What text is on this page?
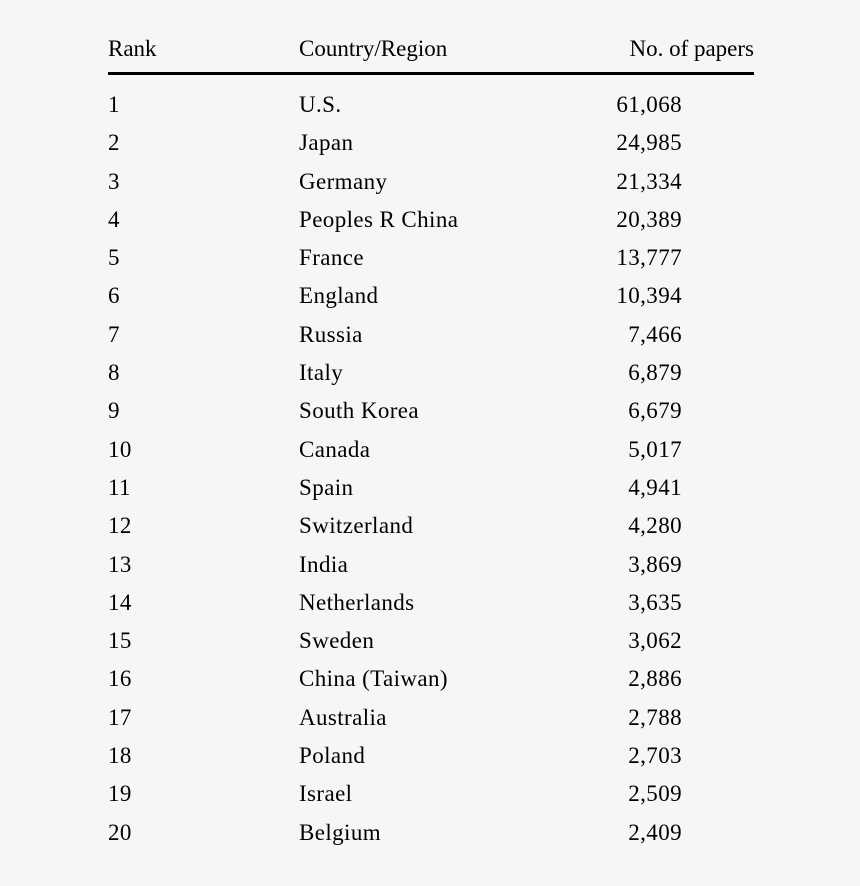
Rank	Country/Region	No. of papers
1	U.S.	61,068
2	Japan	24,985
3	Germany	21,334
4	Peoples R China	20,389
5	France	13,777
6	England	10,394
7	Russia	7,466
8	Italy	6,879
9	South Korea	6,679
10	Canada	5,017
11	Spain	4,941
12	Switzerland	4,280
13	India	3,869
14	Netherlands	3,635
15	Sweden	3,062
16	China (Taiwan)	2,886
17	Australia	2,788
18	Poland	2,703
19	Israel	2,509
20	Belgium	2,409
